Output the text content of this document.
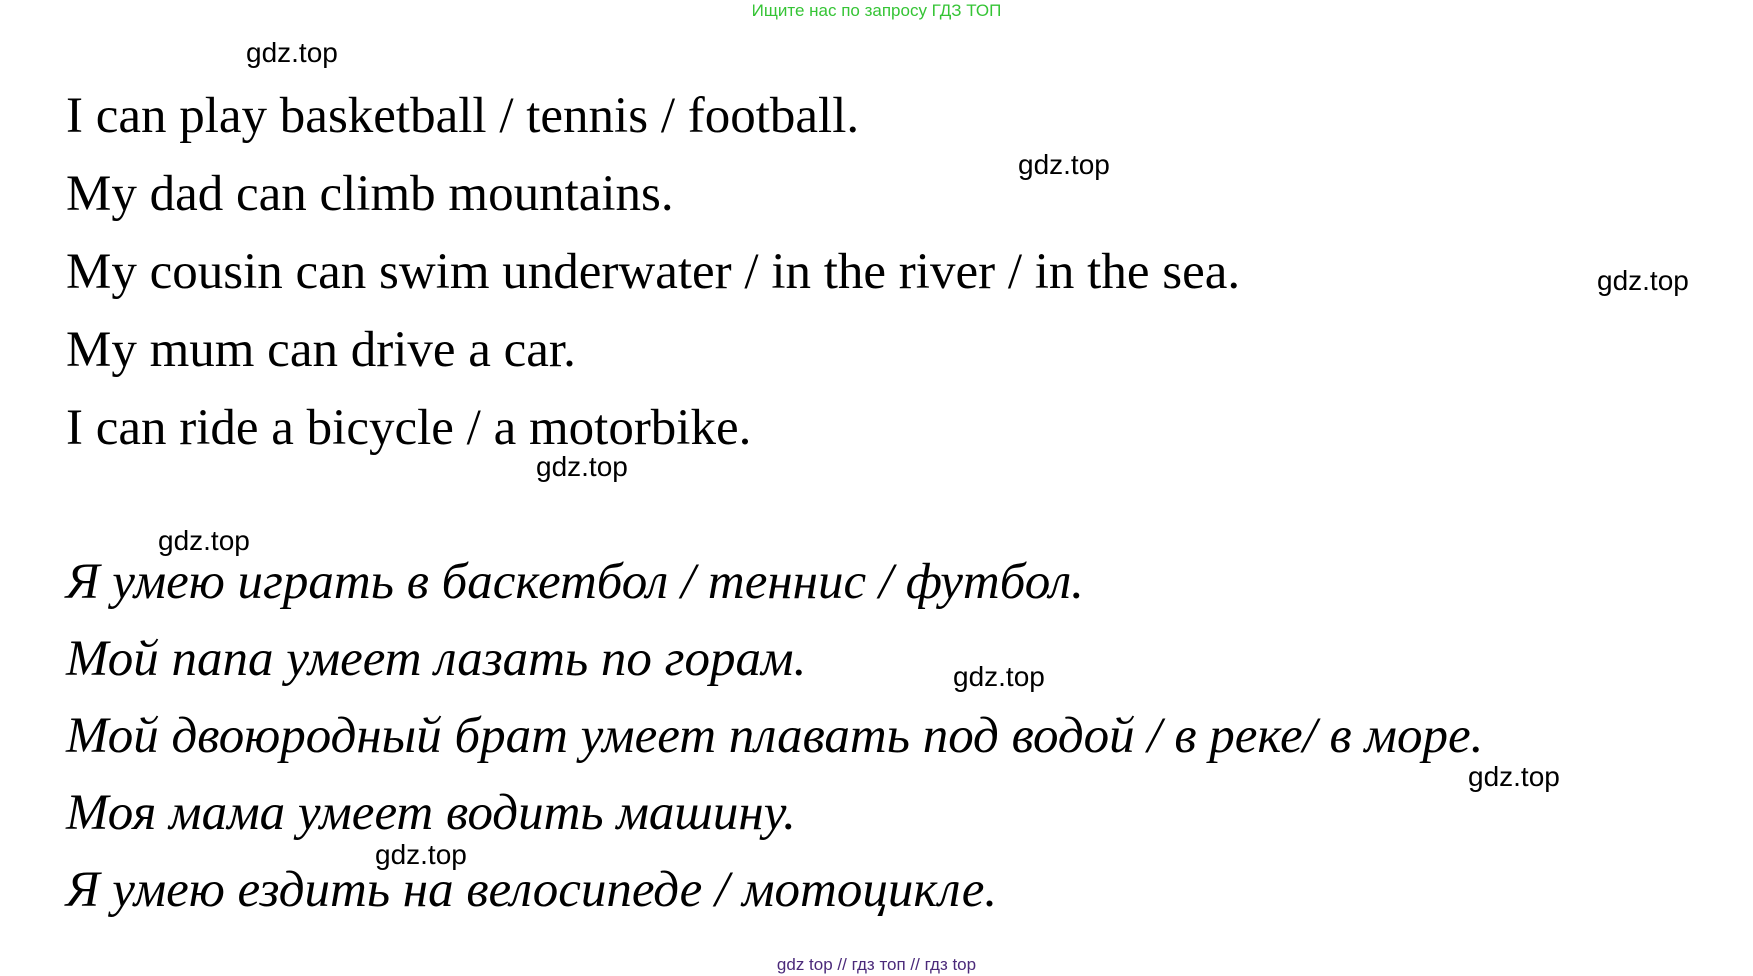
Ищите нас по запросу ГДЗ ТОП
gdz.top
I can play basketball / tennis / football.
gdz.top
My dad can climb mountains.
My cousin can swim underwater / in the river / in the sea.	gdz.top
My mum can drive a car.
I can ride a bicycle / a motorbike.
gdz.top
gdz.top
Я умею играть в баскетбол / теннис / футбол.
Мой папа умеет лазать по горам.	gdz.top
Мой двоюродный брат умеет плавать под водой / в реке/ в море.
gdz.top
Моя мама умеет водить машину.
gdz.top
Я умею ездить на велосипеде / мотоцикле.
gdz top // гдз топ // гдз top
